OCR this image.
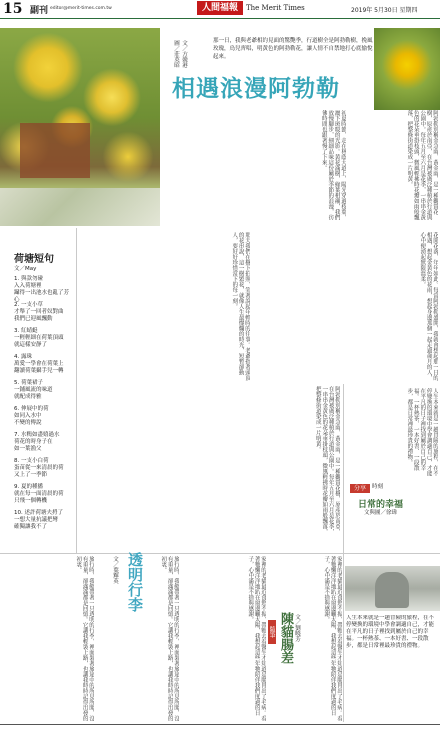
15 副刊 editor@merit-times.com.tw	人間福報	The Merit Times	2019年 5月30日 星期四
文／方競港　圖／莊英昭	那一日，我與老爺相約見面的驚艷季，行道樹全是阿勃勒樹，挽風玫瑰，鳥兒齊唱，明黃色的阿勃勒花，讓人情不自禁地打心底愉悅起來。
相遇浪漫阿勃勒
阿勃勒別稱金急雨、黃金雨，是一種觀賞花樹，原產於南亞，在台灣被廣泛種植於行道與公園中。每年五月至六月是花季，一串串金黃色的花朵垂掛枝頭，微風輕拂時花瓣如雨般飄落，把整條街道染成一片明黃。
初夏時節，走在林蔭大道上，陽光穿過枝葉，灑下斑駁的光影。黃花滿樹，綠葉相襯，我們放慢腳步，細細品味這份屬於季節的浪漫，彷彿時間也跟著慢了下來。
那天我們在樹下拍照，笑著說起年輕時的往事。老爺指著頭頂的花串說，這一樹繁花，就像人生最燦爛的時光，短暫卻動人，要好好珍惜當下的每一刻。	花開花落，年年如此。每當阿勃勒盛開，我就會想起那一日的相遇，想起金黃色的花雨，想起身邊那個一起走過歲月的人，心中便湧起無限溫柔。
阿勃勒別稱金急雨、黃金雨，是一種觀賞花樹，原產於南亞，在台灣被廣泛種植於行道與公園中。每年五月至六月是花季，一串串金黃色的花朵垂掛枝頭，微風輕拂時花瓣如雨般飄落，把整條街道染成一片明黃。
荷塘短句
文／May
1. 與款勿碰
入入荷塘裡
躡得一出池水也亂了芳心
2. 一支小草
才舉了一回者奴對曲
我們已迎風飄動
3. 紅蜻蜓
一輕輕細在荷葉頂頭
就這樣安靜了
4. 露珠
萬愛一學會在荷葉上
翻讀荷葉攝手兒一轉
5. 荷葉裙子
一鋪風流的味道
就配成得雅
6. 伸展中的荷
如同入水中
不變的傳說
7. 水鴨如盡嬉過水
荷花的時身子在
如一葉漁父
8. 一支小白荷
蛋苗從一來清晨的荷
又上了一季節
9. 夏的種播
就在每一面清晨的荷
只飛一個轉機
10. 述許荷塘夫捋了
一想大量抗議把彎
確獨讓我不了
旅行時，我總帶著一只透明的行李，裡面裝著旅途中的所見所聞，沒有重量，卻滿滿都是回憶。它讓我輕裝上路，也讓我時時記得出發的初衷。	透明行李
文／葉輝英	旅行時，我總帶著一只透明的行李，裡面裝著旅途中的所見所聞，沒有重量，卻滿滿都是回憶。它讓我輕裝上路，也讓我時時記得出發的初衷。
隨筆 陳貓腸差 文／劉曉芳
家裡的老貓最近食慾不振，帶牠去看醫生才知道是腸胃出了毛病。看著牠懶洋洋地趴在窗邊曬太陽，我想起這些年牠陪伴我們度過的日子，心中滿是不捨與感謝。	家裡的老貓最近食慾不振，帶牠去看醫生才知道是腸胃出了毛病。看著牠懶洋洋地趴在窗邊曬太陽，我想起這些年牠陪伴我們度過的日子，心中滿是不捨與感謝。
分享	時刻
日常的幸福
文與圖／徐瑋
人生本來就是一趟冒險的旅程，在不停變換的環境中學會調適自己，才能在平凡的日子裡找到屬於自己的幸福。一杯熱茶、一本好書、一段散步，都是日常裡最珍貴的禮物。
人生本來就是一趟冒險的旅程，在不停變換的環境中學會調適自己，才能在平凡的日子裡找到屬於自己的幸福。一杯熱茶、一本好書、一段散步，都是日常裡最珍貴的禮物。
